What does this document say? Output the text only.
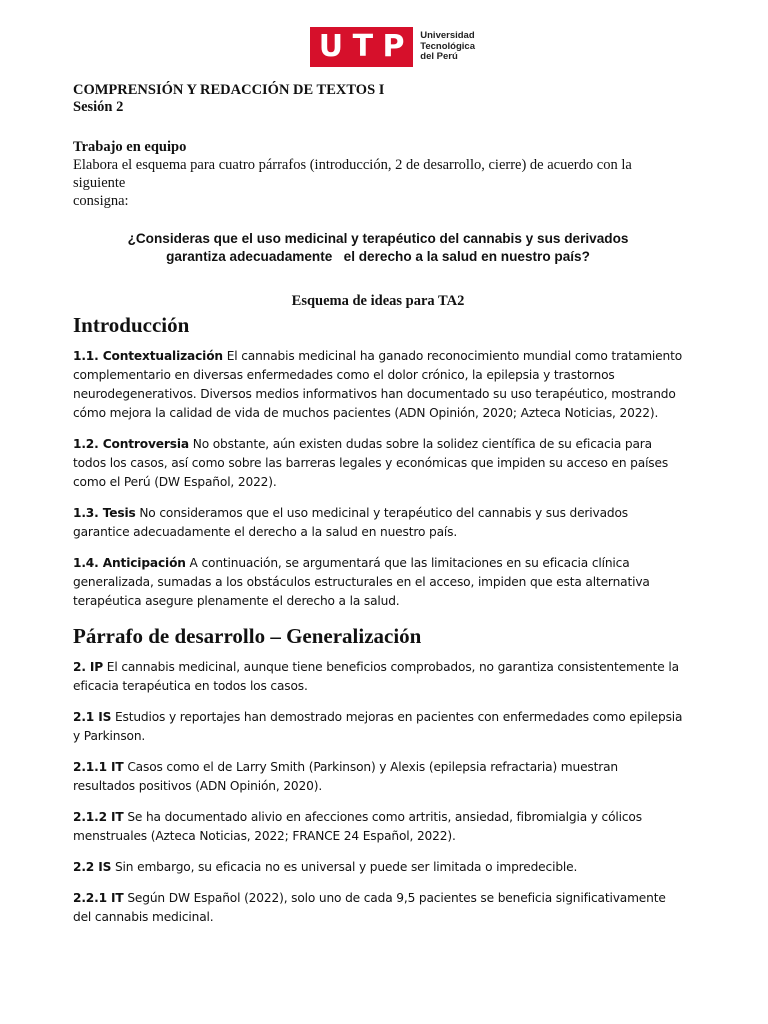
U T P Universidad
Tecnológica
del Perú

COMPRENSIÓN Y REDACCIÓN DE TEXTOS I

Sesión 2

Trabajo en equipo

Elabora el esquema para cuatro párrafos (introducción, 2 de desarrollo, cierre) de acuerdo con la siguiente
consigna:

¿Consideras que el uso medicinal y terapéutico del cannabis y sus derivados
garantiza adecuadamente   el derecho a la salud en nuestro país?

Esquema de ideas para TA2

Introducción

1.1. Contextualización El cannabis medicinal ha ganado reconocimiento mundial como tratamiento complementario en diversas enfermedades como el dolor crónico, la epilepsia y trastornos neurodegenerativos. Diversos medios informativos han documentado su uso terapéutico, mostrando cómo mejora la calidad de vida de muchos pacientes (ADN Opinión, 2020; Azteca Noticias, 2022).

1.2. Controversia No obstante, aún existen dudas sobre la solidez científica de su eficacia para todos los casos, así como sobre las barreras legales y económicas que impiden su acceso en países como el Perú (DW Español, 2022).

1.3. Tesis No consideramos que el uso medicinal y terapéutico del cannabis y sus derivados garantice adecuadamente el derecho a la salud en nuestro país.

1.4. Anticipación A continuación, se argumentará que las limitaciones en su eficacia clínica generalizada, sumadas a los obstáculos estructurales en el acceso, impiden que esta alternativa terapéutica asegure plenamente el derecho a la salud.

Párrafo de desarrollo – Generalización

2. IP El cannabis medicinal, aunque tiene beneficios comprobados, no garantiza consistentemente la eficacia terapéutica en todos los casos.

2.1 IS Estudios y reportajes han demostrado mejoras en pacientes con enfermedades como epilepsia y Parkinson.

2.1.1 IT Casos como el de Larry Smith (Parkinson) y Alexis (epilepsia refractaria) muestran resultados positivos (ADN Opinión, 2020).

2.1.2 IT Se ha documentado alivio en afecciones como artritis, ansiedad, fibromialgia y cólicos menstruales (Azteca Noticias, 2022; FRANCE 24 Español, 2022).

2.2 IS Sin embargo, su eficacia no es universal y puede ser limitada o impredecible.

2.2.1 IT Según DW Español (2022), solo uno de cada 9,5 pacientes se beneficia significativamente del cannabis medicinal.
